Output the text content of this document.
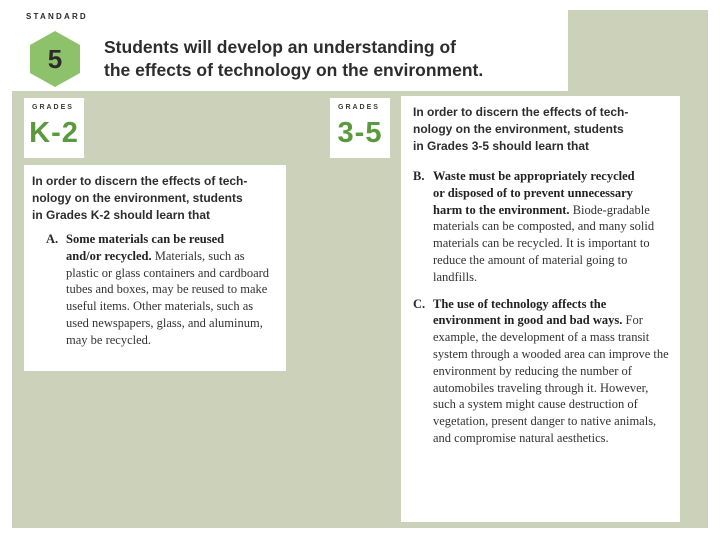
STANDARD
5 Students will develop an understanding of
the effects of technology on the environment.
GRADES
K-2
GRADES
3-5
In order to discern the effects of tech-
nology on the environment, students
in Grades K-2 should learn that
A. Some materials can be reused
and/or recycled. Materials, such as plastic or glass containers and cardboard tubes and boxes, may be reused to make useful items. Other materials, such as used newspapers, glass, and aluminum, may be recycled.
In order to discern the effects of tech-
nology on the environment, students
in Grades 3-5 should learn that
B. Waste must be appropriately recycled
or disposed of to prevent unnecessary
harm to the environment. Biode-gradable materials can be composted, and many solid materials can be recycled. It is important to reduce the amount of material going to landfills.
C. The use of technology affects the
environment in good and bad ways. For example, the development of a mass transit system through a wooded area can improve the environment by reducing the number of automobiles traveling through it. However, such a system might cause destruction of vegetation, present danger to native animals, and compromise natural aesthetics.
